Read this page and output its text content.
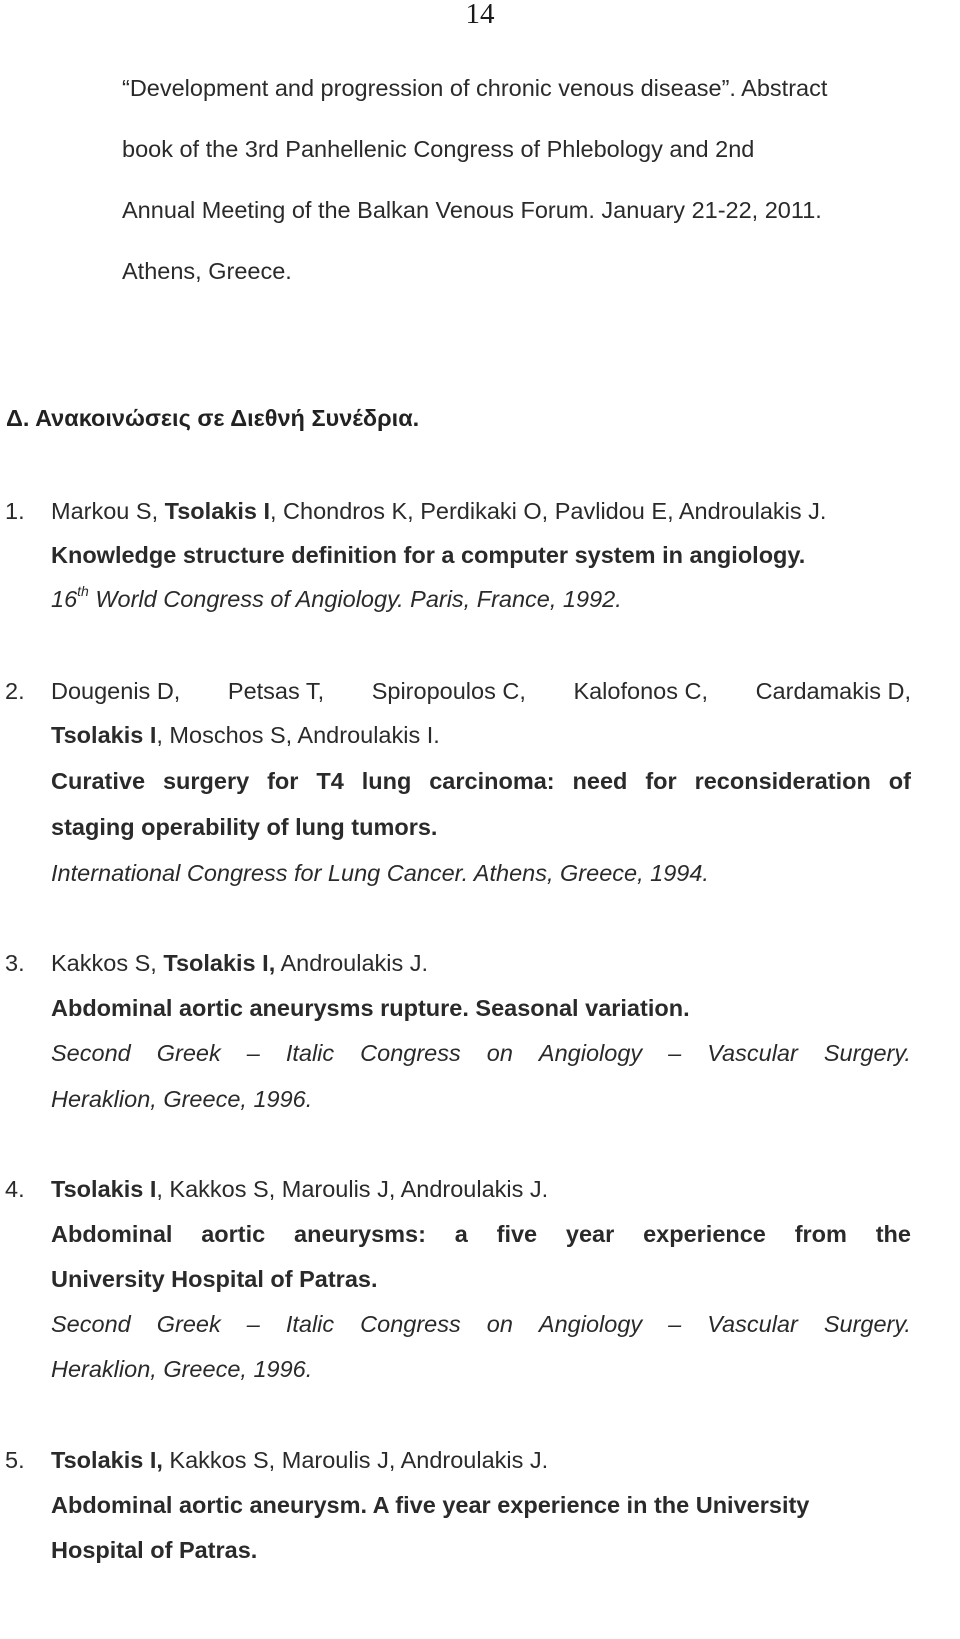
14
“Development and progression of chronic venous disease”. Abstract
book of the 3rd Panhellenic Congress of Phlebology and 2nd
Annual Meeting of the Balkan Venous Forum. January 21-22, 2011.
Athens, Greece.
Δ. Ανακοινώσεις σε Διεθνή Συνέδρια.
1. Markou S, Tsolakis I, Chondros K, Perdikaki O, Pavlidou E, Androulakis J.
Knowledge structure definition for a computer system in angiology.
16th World Congress of Angiology. Paris, France, 1992.
2. Dougenis D, Petsas T, Spiropoulos C, Kalofonos C, Cardamakis D,
Tsolakis I, Moschos S, Androulakis I.
Curative surgery for T4 lung carcinoma: need for reconsideration of
staging operability of lung tumors.
International Congress for Lung Cancer. Athens, Greece, 1994.
3. Kakkos S, Tsolakis I, Androulakis J.
Abdominal aortic aneurysms rupture. Seasonal variation.
Second Greek – Italic Congress on Angiology – Vascular Surgery.
Heraklion, Greece, 1996.
4. Tsolakis I, Kakkos S, Maroulis J, Androulakis J.
Abdominal aortic aneurysms: a five year experience from the
University Hospital of Patras.
Second Greek – Italic Congress on Angiology – Vascular Surgery.
Heraklion, Greece, 1996.
5. Tsolakis I, Kakkos S, Maroulis J, Androulakis J.
Abdominal aortic aneurysm. A five year experience in the University
Hospital of Patras.
